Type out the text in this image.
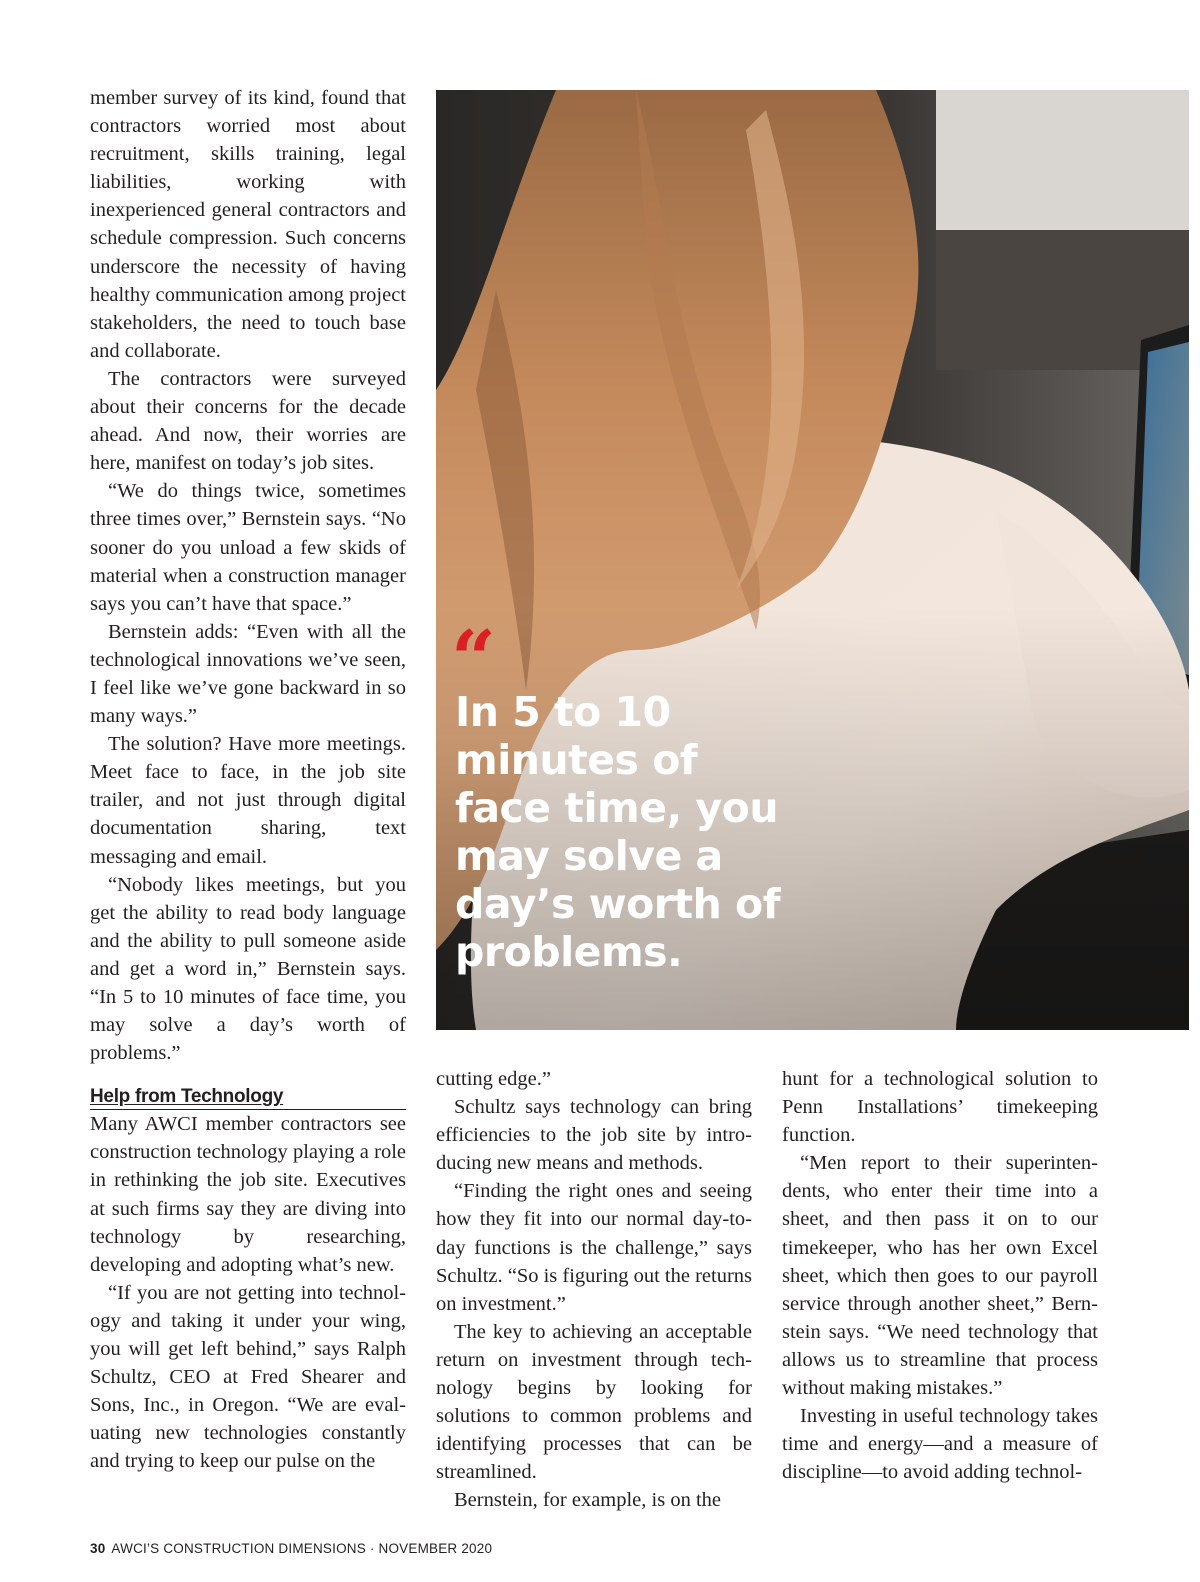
member survey of its kind, found that contractors worried most about recruitment, skills training, legal liabilities, working with inexperienced general contractors and schedule compression. Such concerns underscore the necessity of having healthy communication among project stakeholders, the need to touch base and collaborate.

The contractors were surveyed about their concerns for the decade ahead. And now, their worries are here, manifest on today’s job sites.

“We do things twice, sometimes three times over,” Bernstein says. “No sooner do you unload a few skids of material when a construction manager says you can’t have that space.”

Bernstein adds: “Even with all the technological innovations we’ve seen, I feel like we’ve gone backward in so many ways.”

The solution? Have more meetings. Meet face to face, in the job site trailer, and not just through digital documentation sharing, text messaging and email.

“Nobody likes meetings, but you get the ability to read body language and the ability to pull someone aside and get a word in,” Bernstein says. “In 5 to 10 minutes of face time, you may solve a day’s worth of problems.”

Help from Technology

Many AWCI member contractors see construction technology playing a role in rethinking the job site. Executives at such firms say they are diving into technology by researching, developing and adopting what’s new.

“If you are not getting into technology and taking it under your wing, you will get left behind,” says Ralph Schultz, CEO at Fred Shearer and Sons, Inc., in Oregon. “We are evaluating new technologies constantly and trying to keep our pulse on the

“
In 5 to 10 minutes of face time, you may solve a day’s worth of problems.

cutting edge.”

Schultz says technology can bring efficiencies to the job site by introducing new means and methods.

“Finding the right ones and seeing how they fit into our normal day-to-day functions is the challenge,” says Schultz. “So is figuring out the returns on investment.”

The key to achieving an acceptable return on investment through technology begins by looking for solutions to common problems and identifying processes that can be streamlined.

Bernstein, for example, is on the

hunt for a technological solution to Penn Installations’ timekeeping function.

“Men report to their superintendents, who enter their time into a sheet, and then pass it on to our timekeeper, who has her own Excel sheet, which then goes to our payroll service through another sheet,” Bernstein says. “We need technology that allows us to streamline that process without making mistakes.”

Investing in useful technology takes time and energy—and a measure of discipline—to avoid adding technol-

30 AWCI’S CONSTRUCTION DIMENSIONS · NOVEMBER 2020
